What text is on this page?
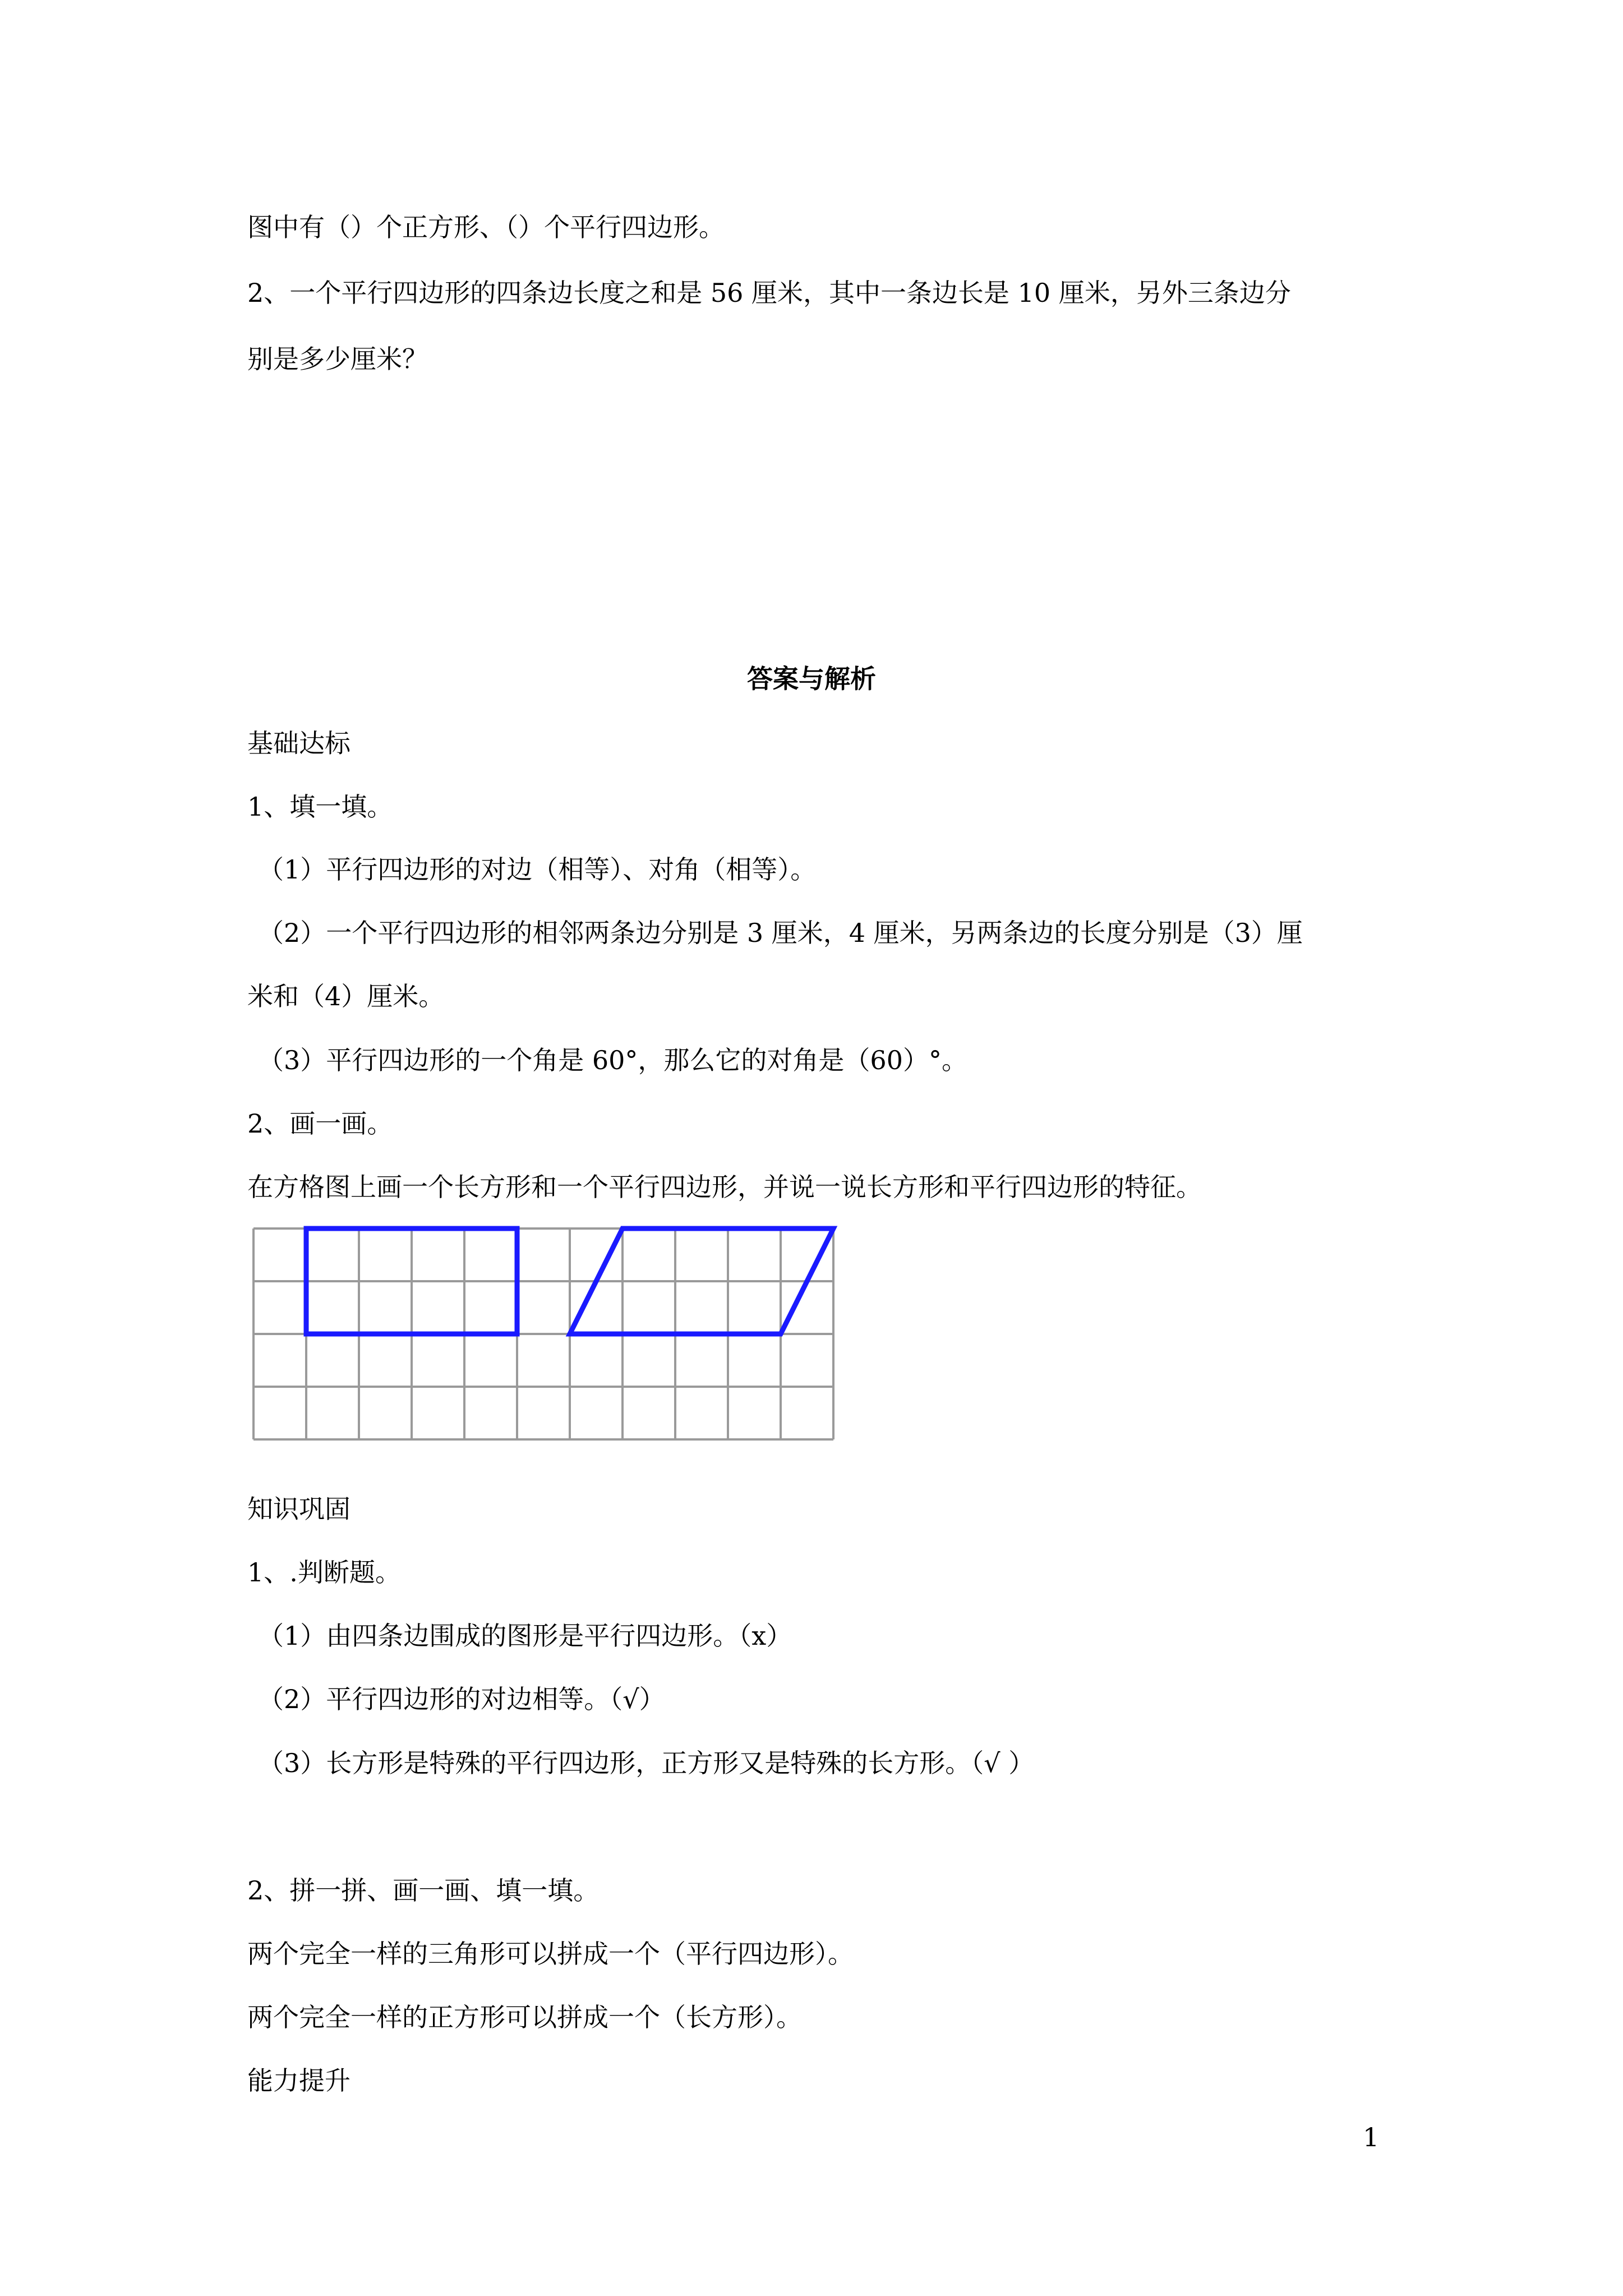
图中有（）个正方形、（）个平行四边形。
2、一个平行四边形的四条边长度之和是 56 厘米，其中一条边长是 10 厘米，另外三条边分
别是多少厘米？
答案与解析
基础达标
1、填一填。
（1）平行四边形的对边（相等）、对角（相等）。
（2）一个平行四边形的相邻两条边分别是 3 厘米，4 厘米，另两条边的长度分别是（3）厘
米和（4）厘米。
（3）平行四边形的一个角是 60°，那么它的对角是（60）°。
2、画一画。
在方格图上画一个长方形和一个平行四边形，并说一说长方形和平行四边形的特征。
知识巩固
1、.判断题。
（1）由四条边围成的图形是平行四边形。（x）
（2）平行四边形的对边相等。（√）
（3）长方形是特殊的平行四边形，正方形又是特殊的长方形。（√ ）
2、拼一拼、画一画、填一填。
两个完全一样的三角形可以拼成一个（平行四边形）。
两个完全一样的正方形可以拼成一个（长方形）。
能力提升
1
